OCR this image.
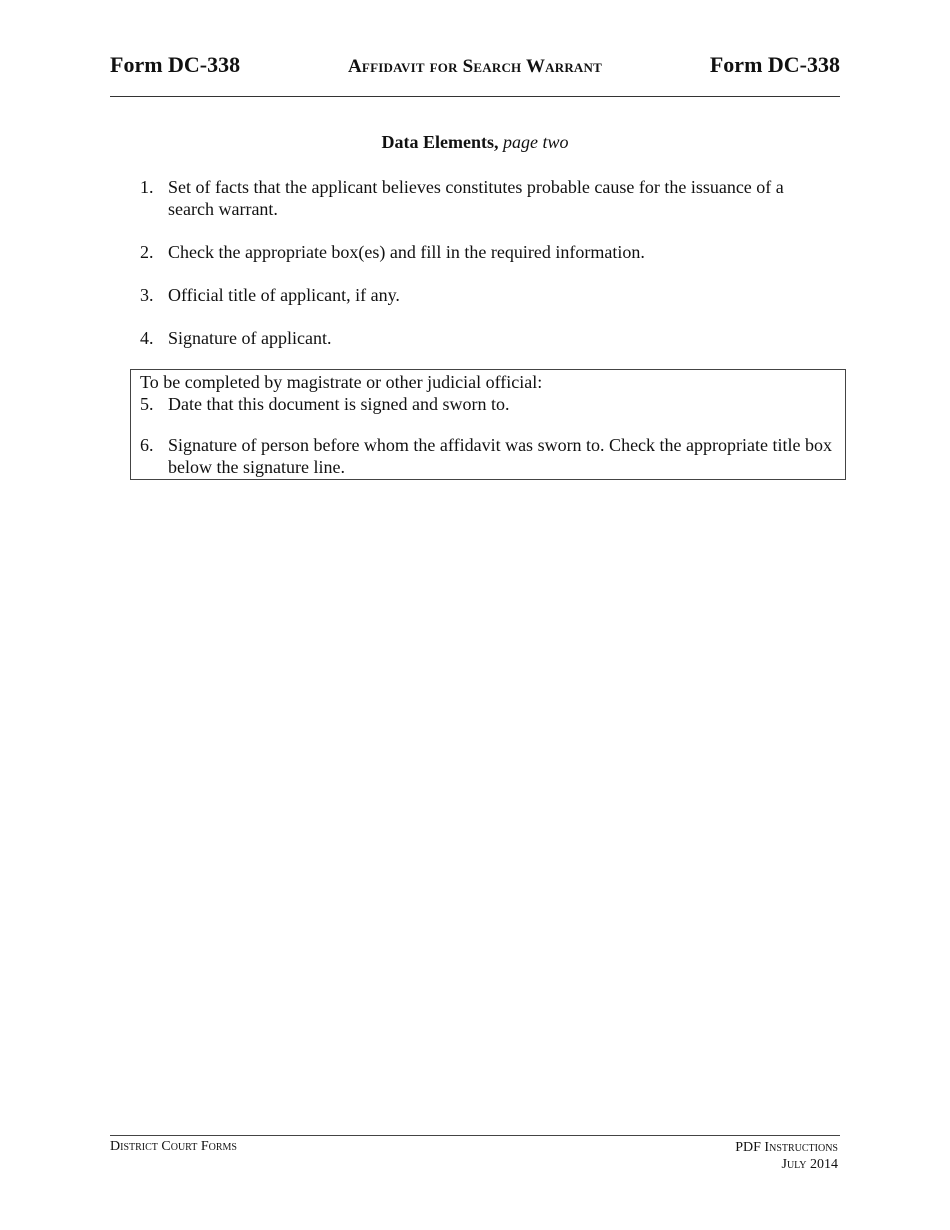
Form DC-338	Affidavit for Search Warrant	Form DC-338
Data Elements, page two
1. Set of facts that the applicant believes constitutes probable cause for the issuance of a search warrant.
2. Check the appropriate box(es) and fill in the required information.
3. Official title of applicant, if any.
4. Signature of applicant.
To be completed by magistrate or other judicial official:
5. Date that this document is signed and sworn to.
6. Signature of person before whom the affidavit was sworn to. Check the appropriate title box below the signature line.
District Court Forms	PDF Instructions
July 2014
